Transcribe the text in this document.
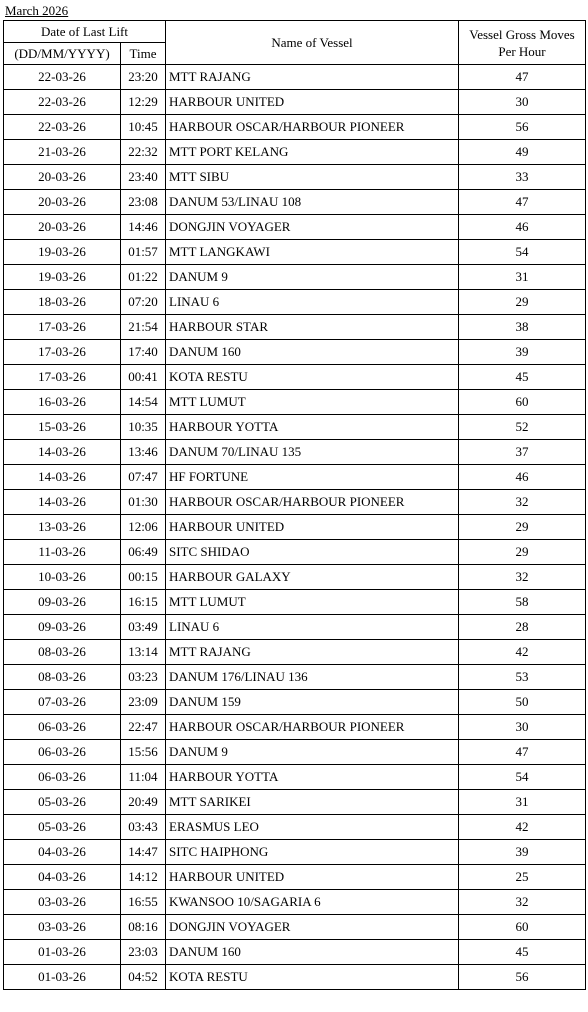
March 2026
Date of Last Lift		Name of Vessel	Vessel Gross Moves
Per Hour
(DD/MM/YYYY)	Time		
22-03-26	23:20	MTT RAJANG	47
22-03-26	12:29	HARBOUR UNITED	30
22-03-26	10:45	HARBOUR OSCAR/HARBOUR PIONEER	56
21-03-26	22:32	MTT PORT KELANG	49
20-03-26	23:40	MTT SIBU	33
20-03-26	23:08	DANUM 53/LINAU 108	47
20-03-26	14:46	DONGJIN VOYAGER	46
19-03-26	01:57	MTT LANGKAWI	54
19-03-26	01:22	DANUM 9	31
18-03-26	07:20	LINAU 6	29
17-03-26	21:54	HARBOUR STAR	38
17-03-26	17:40	DANUM 160	39
17-03-26	00:41	KOTA RESTU	45
16-03-26	14:54	MTT LUMUT	60
15-03-26	10:35	HARBOUR YOTTA	52
14-03-26	13:46	DANUM 70/LINAU 135	37
14-03-26	07:47	HF FORTUNE	46
14-03-26	01:30	HARBOUR OSCAR/HARBOUR PIONEER	32
13-03-26	12:06	HARBOUR UNITED	29
11-03-26	06:49	SITC SHIDAO	29
10-03-26	00:15	HARBOUR GALAXY	32
09-03-26	16:15	MTT LUMUT	58
09-03-26	03:49	LINAU 6	28
08-03-26	13:14	MTT RAJANG	42
08-03-26	03:23	DANUM 176/LINAU 136	53
07-03-26	23:09	DANUM 159	50
06-03-26	22:47	HARBOUR OSCAR/HARBOUR PIONEER	30
06-03-26	15:56	DANUM 9	47
06-03-26	11:04	HARBOUR YOTTA	54
05-03-26	20:49	MTT SARIKEI	31
05-03-26	03:43	ERASMUS LEO	42
04-03-26	14:47	SITC HAIPHONG	39
04-03-26	14:12	HARBOUR UNITED	25
03-03-26	16:55	KWANSOO 10/SAGARIA 6	32
03-03-26	08:16	DONGJIN VOYAGER	60
01-03-26	23:03	DANUM 160	45
01-03-26	04:52	KOTA RESTU	56
